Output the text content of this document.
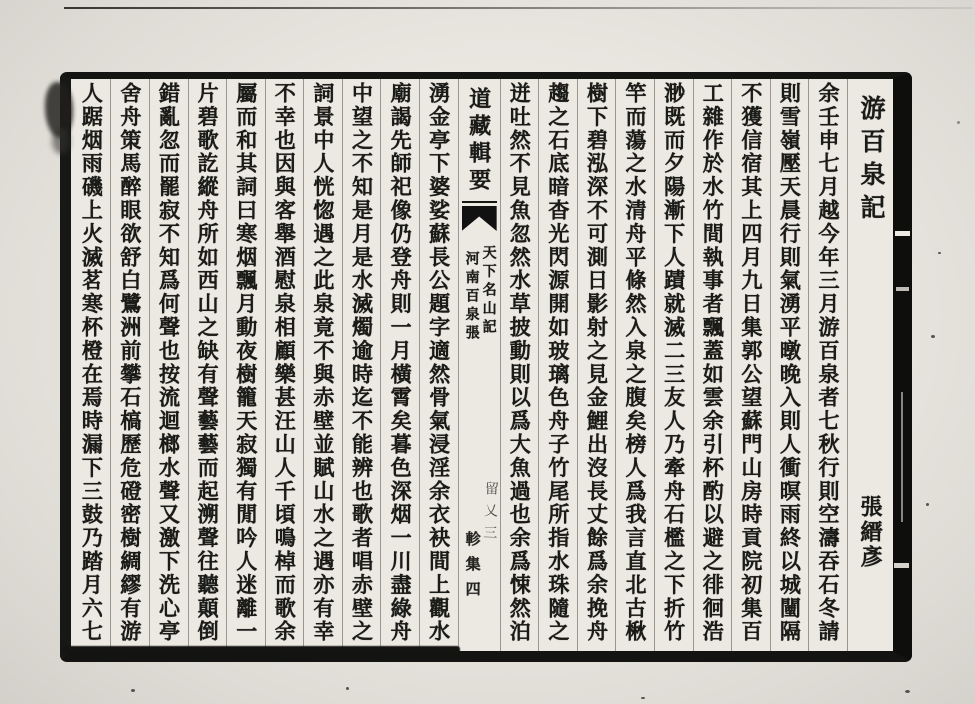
游百泉記
張縉彥
余壬申七月越今年三月游百泉者七秋行則空濤吞石冬請
則雪嶺壓天晨行則氣湧平暾晚入則人衝暝雨終以城闉隔
不獲信宿其上四月九日集郭公望蘇門山房時貢院初集百
工雜作於水竹間執事者飄蓋如雲余引杯酌以避之徘徊浩
渺既而夕陽漸下人蹟就滅二三友人乃牽舟石檻之下折竹
竿而蕩之水清舟平條然入泉之腹矣榜人爲我言直北古楸
樹下碧泓深不可測日影射之見金鯉出沒長丈餘爲余挽舟
趨之石底暗杳光閃源開如玻璃色舟子竹尾所指水珠隨之
迸吐然不見魚忽然水草披動則以爲大魚過也余爲悚然泊
道藏輯要
天下名山記
河南百泉張
留乂三
軫集四
湧金亭下婆娑蘇長公題字適然骨氣浸淫余衣袂間上觀水
廟謁先師祀像仍登舟則一月橫霄矣暮色深烟一川盡綠舟
中望之不知是月是水滅燭逾時迄不能辨也歌者唱赤壁之
詞景中人恍惚遇之此泉竟不與赤壁並賦山水之遇亦有幸
不幸也因與客舉酒慰泉相顧樂甚汪山人千頃鳴棹而歌余
屬而和其詞曰寒烟飄月動夜樹籠天寂獨有閒吟人迷離一
片碧歌訖縱舟所如西山之缺有聲藝藝而起溯聲往聽顛倒
錯亂忽而罷寂不知爲何聲也按流迴榔水聲又激下洗心亭
舍舟策馬醉眼欲舒白鷺洲前攀石槁歷危磴密樹綢繆有游
人踞烟雨磯上火滅茗寒杯橙在焉時漏下三鼓乃踏月六七
